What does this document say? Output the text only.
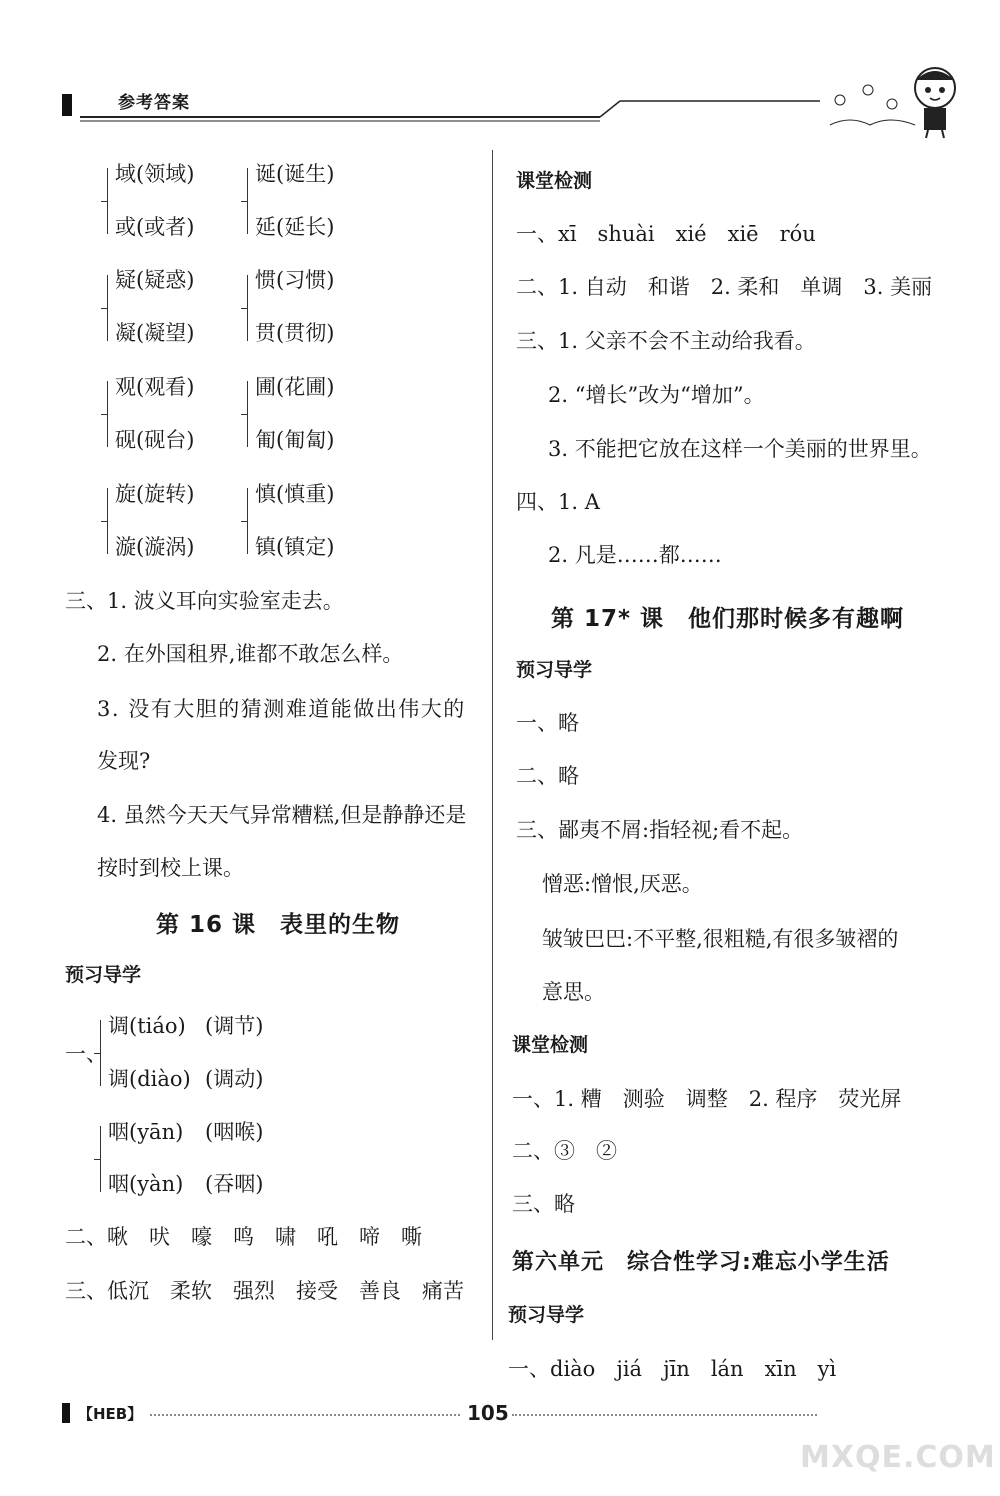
参考答案
域(领域)
或(或者)
诞(诞生)
延(延长)
疑(疑惑)
凝(凝望)
惯(习惯)
贯(贯彻)
观(观看)
砚(砚台)
圃(花圃)
匍(匍匐)
旋(旋转)
漩(漩涡)
慎(慎重)
镇(镇定)
三、1. 波义耳向实验室走去。
2. 在外国租界,谁都不敢怎么样。
3. 没有大胆的猜测难道能做出伟大的
发现?
4. 虽然今天天气异常糟糕,但是静静还是
按时到校上课。
第 16 课　表里的生物
预习导学
一、
调(tiáo) (调节)
调(diào) (调动)
咽(yān) (咽喉)
咽(yàn) (吞咽)
二、啾　吠　嚎　鸣　啸　吼　啼　嘶
三、低沉　柔软　强烈　接受　善良　痛苦
课堂检测
一、xī　shuài　xié　xiē　róu
二、1. 自动　和谐　2. 柔和　单调　3. 美丽
三、1. 父亲不会不主动给我看。
2. “增长”改为“增加”。
3. 不能把它放在这样一个美丽的世界里。
四、1. A
2. 凡是……都……
第 17* 课　他们那时候多有趣啊
预习导学
一、略
二、略
三、鄙夷不屑:指轻视;看不起。
憎恶:憎恨,厌恶。
皱皱巴巴:不平整,很粗糙,有很多皱褶的
意思。
课堂检测
一、1. 糟　测验　调整　2. 程序　荧光屏
二、③　②
三、略
第六单元　综合性学习:难忘小学生活
预习导学
一、diào　jiá　jīn　lán　xīn　yì
【HEB】	105
MXQE.COM
